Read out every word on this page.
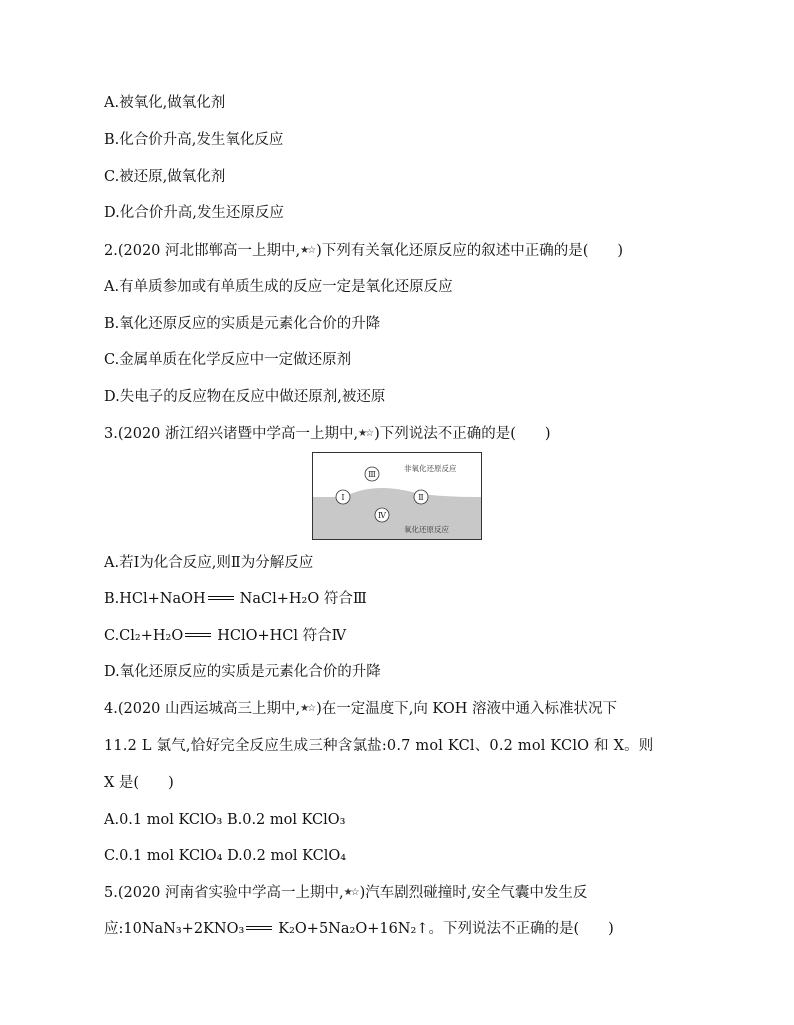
A.被氧化,做氧化剂
B.化合价升高,发生氧化反应
C.被还原,做氧化剂
D.化合价升高,发生还原反应
2.(2020 河北邯郸高一上期中,★☆ )下列有关氧化还原反应的叙述中正确的是(　　)
A.有单质参加或有单质生成的反应一定是氧化还原反应
B.氧化还原反应的实质是元素化合价的升降
C.金属单质在化学反应中一定做还原剂
D.失电子的反应物在反应中做还原剂,被还原
3.(2020 浙江绍兴诸暨中学高一上期中,★☆ )下列说法不正确的是(　　)
非氧化还原反应
氧化还原反应
Ⅰ	Ⅱ
Ⅲ
Ⅳ
A.若Ⅰ为化合反应,则Ⅱ为分解反应
B.HCl+NaOH NaCl+H₂O 符合Ⅲ
C.Cl₂+H₂O HClO+HCl 符合Ⅳ
D.氧化还原反应的实质是元素化合价的升降
4.(2020 山西运城高三上期中,★☆ )在一定温度下,向 KOH 溶液中通入标准状况下
11.2 L 氯气,恰好完全反应生成三种含氯盐:0.7 mol KCl、0.2 mol KClO 和 X。则
X 是(　　)
A.0.1 mol KClO₃ B.0.2 mol KClO₃
C.0.1 mol KClO₄ D.0.2 mol KClO₄
5.(2020 河南省实验中学高一上期中,★☆ )汽车剧烈碰撞时,安全气囊中发生反
应:10NaN₃+2KNO₃ K₂O+5Na₂O+16N₂↑。下列说法不正确的是(　　)
